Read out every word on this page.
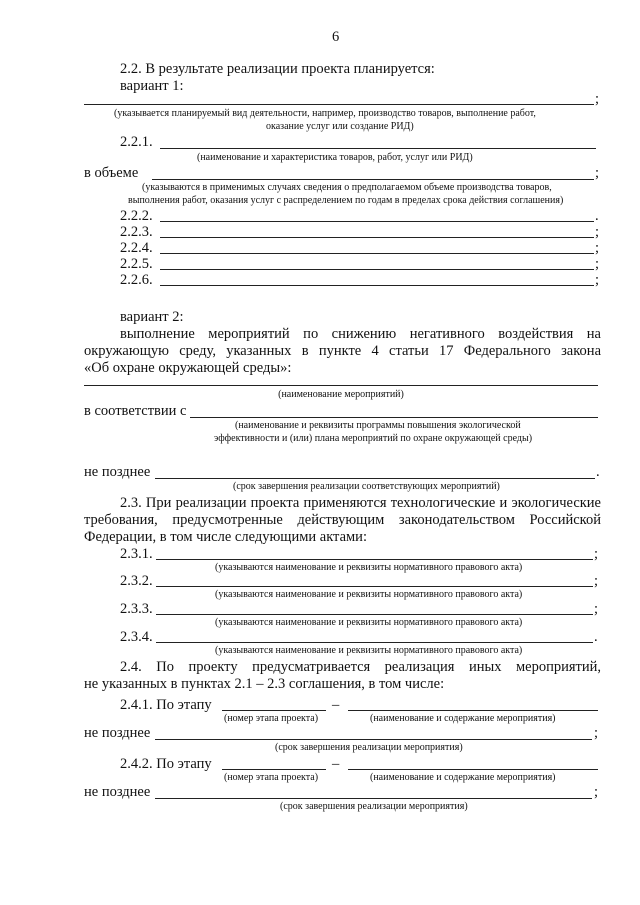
6
2.2. В результате реализации проекта планируется:
вариант 1:
;
(указывается планируемый вид деятельности, например, производство товаров, выполнение работ,
оказание услуг или создание РИД)
2.2.1.
(наименование и характеристика товаров, работ, услуг или РИД)
в объеме	;
(указываются в применимых случаях сведения о предполагаемом объеме производства товаров,
выполнения работ, оказания услуг с распределением по годам в пределах срока действия соглашения)
2.2.2.	.
2.2.3.	;
2.2.4.	;
2.2.5.	;
2.2.6.	;
вариант 2:
выполнение мероприятий по снижению негативного воздействия на
окружающую среду, указанных в пункте 4 статьи 17 Федерального закона
«Об охране окружающей среды»:
(наименование мероприятий)
в соответствии с
(наименование и реквизиты программы повышения экологической
эффективности и (или) плана мероприятий по охране окружающей среды)
не позднее	.
(срок завершения реализации соответствующих мероприятий)
2.3. При реализации проекта применяются технологические и экологические
требования, предусмотренные действующим законодательством Российской
Федерации, в том числе следующими актами:
2.3.1.	;
(указываются наименование и реквизиты нормативного правового акта)
2.3.2.	;
(указываются наименование и реквизиты нормативного правового акта)
2.3.3.	;
(указываются наименование и реквизиты нормативного правового акта)
2.3.4.	.
(указываются наименование и реквизиты нормативного правового акта)
2.4. По проекту предусматривается реализация иных мероприятий,
не указанных в пунктах 2.1 – 2.3 соглашения, в том числе:
2.4.1. По этапу	–
(номер этапа проекта)	(наименование и содержание мероприятия)
не позднее	;
(срок завершения реализации мероприятия)
2.4.2. По этапу	–
(номер этапа проекта)	(наименование и содержание мероприятия)
не позднее	;
(срок завершения реализации мероприятия)
